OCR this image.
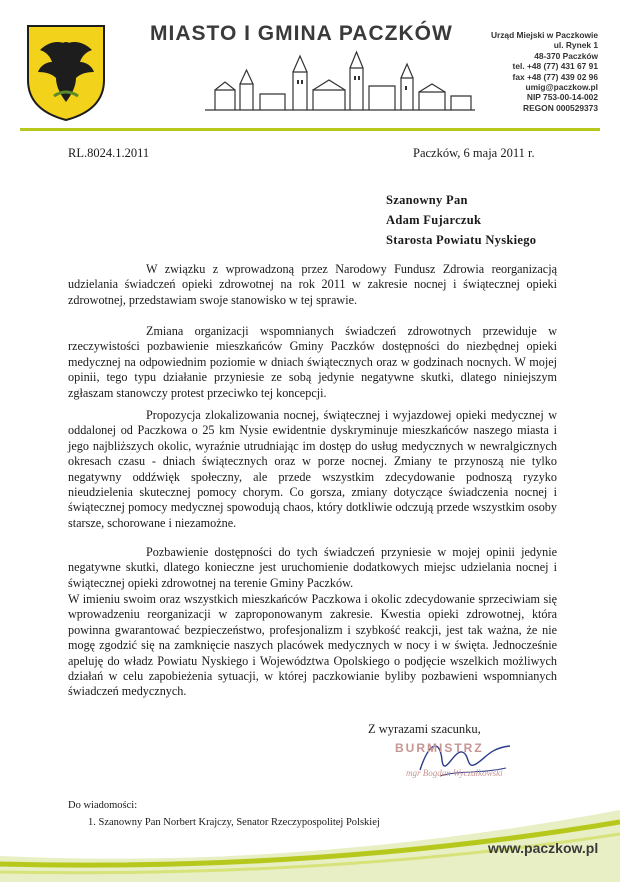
MIASTO I GMINA PACZKÓW	Urząd Miejski w Paczkowie
ul. Rynek 1
48-370 Paczków
tel. +48 (77) 431 67 91
fax +48 (77) 439 02 96
umig@paczkow.pl
NIP 753-00-14-002
REGON 000529373
RL.8024.1.2011	Paczków, 6 maja 2011 r.
Szanowny Pan
Adam Fujarczuk
Starosta Powiatu Nyskiego
W związku z wprowadzoną przez Narodowy Fundusz Zdrowia reorganizacją udzielania świadczeń opieki zdrowotnej na rok 2011 w zakresie nocnej i świątecznej opieki zdrowotnej, przedstawiam swoje stanowisko w tej sprawie.
Zmiana organizacji wspomnianych świadczeń zdrowotnych przewiduje w rzeczywistości pozbawienie mieszkańców Gminy Paczków dostępności do niezbędnej opieki medycznej na odpowiednim poziomie w dniach świątecznych oraz w godzinach nocnych. W mojej opinii, tego typu działanie przyniesie ze sobą jedynie negatywne skutki, dlatego niniejszym zgłaszam stanowczy protest przeciwko tej koncepcji.
Propozycja zlokalizowania nocnej, świątecznej i wyjazdowej opieki medycznej w oddalonej od Paczkowa o 25 km Nysie ewidentnie dyskryminuje mieszkańców naszego miasta i jego najbliższych okolic, wyraźnie utrudniając im dostęp do usług medycznych w newralgicznych okresach czasu - dniach świątecznych oraz w porze nocnej. Zmiany te przynoszą nie tylko negatywny oddźwięk społeczny, ale przede wszystkim zdecydowanie podnoszą ryzyko nieudzielenia skutecznej pomocy chorym. Co gorsza, zmiany dotyczące świadczenia nocnej i świątecznej pomocy medycznej spowodują chaos, który dotkliwie odczują przede wszystkim osoby starsze, schorowane i niezamożne.
Pozbawienie dostępności do tych świadczeń przyniesie w mojej opinii jedynie negatywne skutki, dlatego konieczne jest uruchomienie dodatkowych miejsc udzielania nocnej i świątecznej opieki zdrowotnej na terenie Gminy Paczków.
W imieniu swoim oraz wszystkich mieszkańców Paczkowa i okolic zdecydowanie sprzeciwiam się wprowadzeniu reorganizacji w zaproponowanym zakresie. Kwestia opieki zdrowotnej, która powinna gwarantować bezpieczeństwo, profesjonalizm i szybkość reakcji, jest tak ważna, że nie mogę zgodzić się na zamknięcie naszych placówek medycznych w nocy i w święta. Jednocześnie apeluję do władz Powiatu Nyskiego i Województwa Opolskiego o podjęcie wszelkich możliwych działań w celu zapobieżenia sytuacji, w której paczkowianie byliby pozbawieni wspomnianych świadczeń medycznych.
Z wyrazami szacunku,
BURMISTRZ
mgr Bogdan Wyczałkowski
Do wiadomości:
1. Szanowny Pan Norbert Krajczy, Senator Rzeczypospolitej Polskiej
www.paczkow.pl
